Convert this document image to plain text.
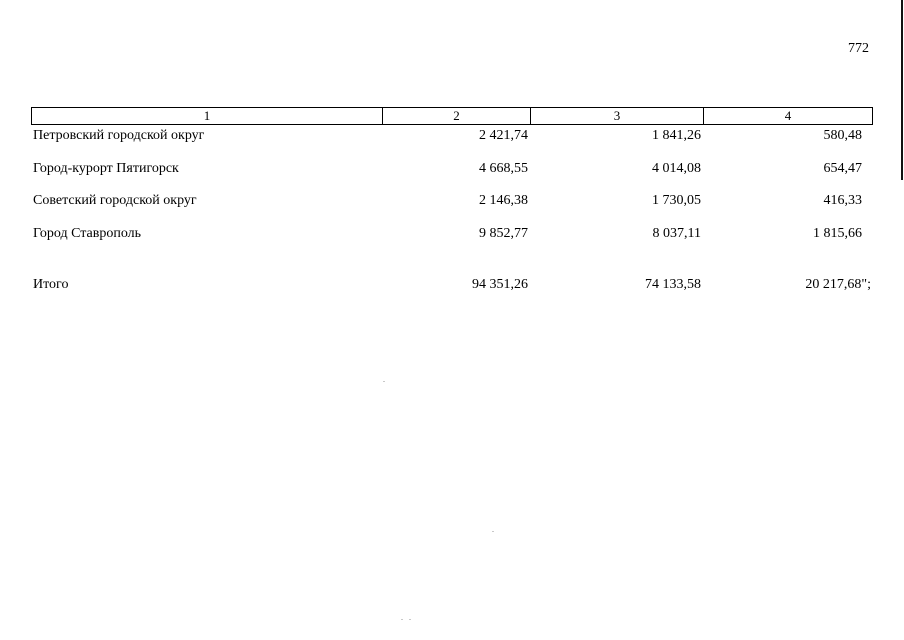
772
1	2	3	4
Петровский городской округ	2 421,74	1 841,26	580,48
Город-курорт Пятигорск	4 668,55	4 014,08	654,47
Советский городской округ	2 146,38	1 730,05	416,33
Город Ставрополь	9 852,77	8 037,11	1 815,66
Итого	94 351,26	74 133,58	20 217,68";
